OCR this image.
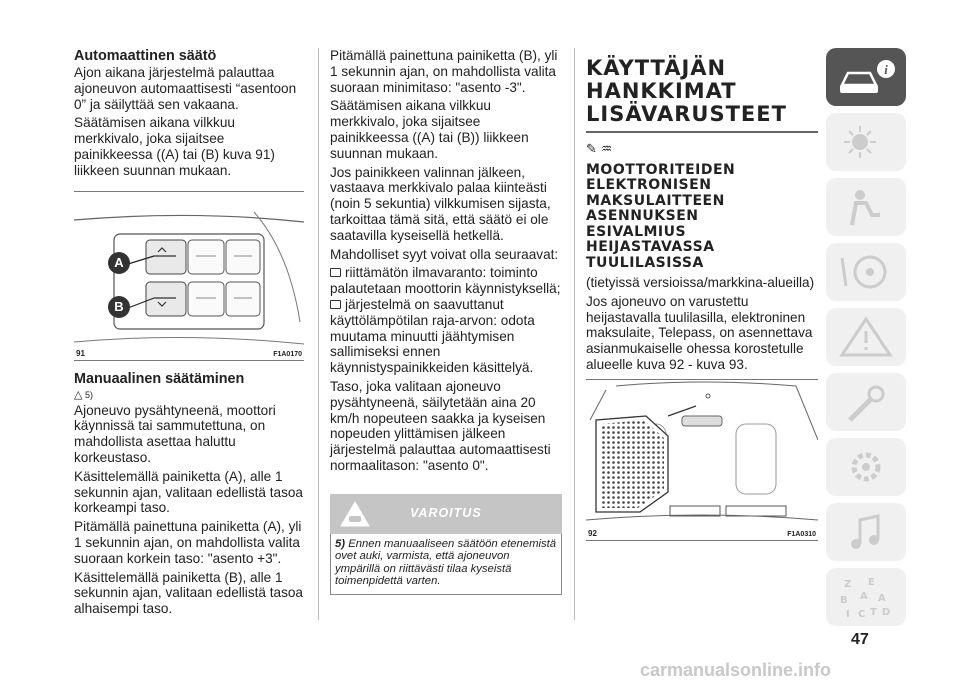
Automaattinen säätö

Ajon aikana järjestelmä palauttaa ajoneuvon automaattisesti “asentoon 0” ja säilyttää sen vakaana.

Säätämisen aikana vilkkuu merkkivalo, joka sijaitsee painikkeessa ((A) tai (B) kuva 91) liikkeen suunnan mukaan.

A
B
91	F1A0170

Manuaalinen säätäminen

△ 5)

Ajoneuvo pysähtyneenä, moottori käynnissä tai sammutettuna, on mahdollista asettaa haluttu korkeustaso.

Käsittelemällä painiketta (A), alle 1 sekunnin ajan, valitaan edellistä tasoa korkeampi taso.

Pitämällä painettuna painiketta (A), yli 1 sekunnin ajan, on mahdollista valita suoraan korkein taso: "asento +3".

Käsittelemällä painiketta (B), alle 1 sekunnin ajan, valitaan edellistä tasoa alhaisempi taso.

Pitämällä painettuna painiketta (B), yli 1 sekunnin ajan, on mahdollista valita suoraan minimitaso: "asento -3".

Säätämisen aikana vilkkuu merkkivalo, joka sijaitsee painikkeessa ((A) tai (B)) liikkeen suunnan mukaan.

Jos painikkeen valinnan jälkeen, vastaava merkkivalo palaa kiinteästi (noin 5 sekuntia) vilkkumisen sijasta, tarkoittaa tämä sitä, että säätö ei ole saatavilla kyseisellä hetkellä.

Mahdolliset syyt voivat olla seuraavat:

riittämätön ilmavaranto: toiminto palautetaan moottorin käynnistyksellä;

järjestelmä on saavuttanut käyttölämpötilan raja-arvon: odota muutama minuutti jäähtymisen sallimiseksi ennen käynnistyspainikkeiden käsittelyä.

Taso, joka valitaan ajoneuvo pysähtyneenä, säilytetään aina 20 km/h nopeuteen saakka ja kyseisen nopeuden ylittämisen jälkeen järjestelmä palauttaa automaattisesti normaalitason: "asento 0".

VAROITUS

5) Ennen manuaaliseen säätöön etenemistä ovet auki, varmista, että ajoneuvon ympärillä on riittävästi tilaa kyseistä toimenpidettä varten.

KÄYTTÄJÄN

HANKKIMAT

LISÄVARUSTEET

✎ ♒

MOOTTORITEIDEN

ELEKTRONISEN

MAKSULAITTEEN

ASENNUKSEN

ESIVALMIUS

HEIJASTAVASSA

TUULILASISSA

(tietyissä versioissa/markkina-alueilla)

Jos ajoneuvo on varustettu heijastavalla tuulilasilla, elektroninen maksulaite, Telepass, on asennettava asianmukaiselle ohessa korostetulle alueelle kuva 92 - kuva 93.

92	F1A0310
i
Z E
B A A
I C T D
47
carmanualsonline.info
